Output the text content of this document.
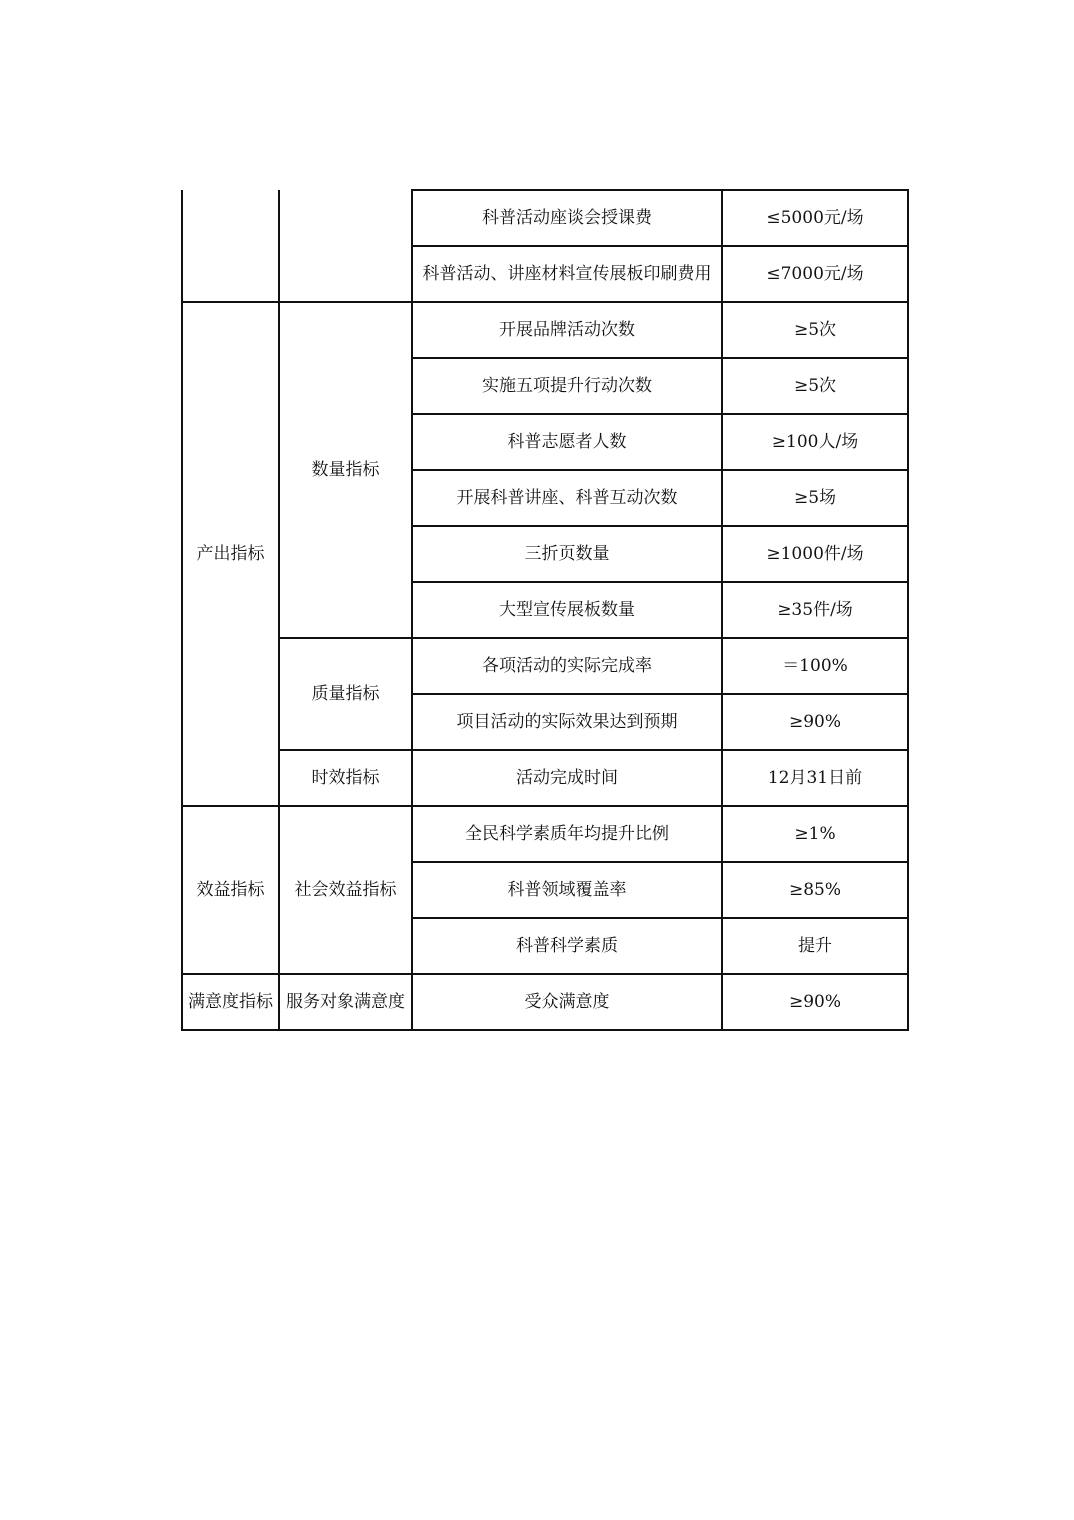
		科普活动座谈会授课费	≤5000元/场
		科普活动、讲座材料宣传展板印刷费用	≤7000元/场
产出指标	数量指标	开展品牌活动次数	≥5次
		实施五项提升行动次数	≥5次
		科普志愿者人数	≥100人/场
		开展科普讲座、科普互动次数	≥5场
		三折页数量	≥1000件/场
		大型宣传展板数量	≥35件/场
	质量指标	各项活动的实际完成率	＝100%
		项目活动的实际效果达到预期	≥90%
	时效指标	活动完成时间	12月31日前
效益指标	社会效益指标	全民科学素质年均提升比例	≥1%
		科普领域覆盖率	≥85%
		科普科学素质	提升
满意度指标	服务对象满意度	受众满意度	≥90%
